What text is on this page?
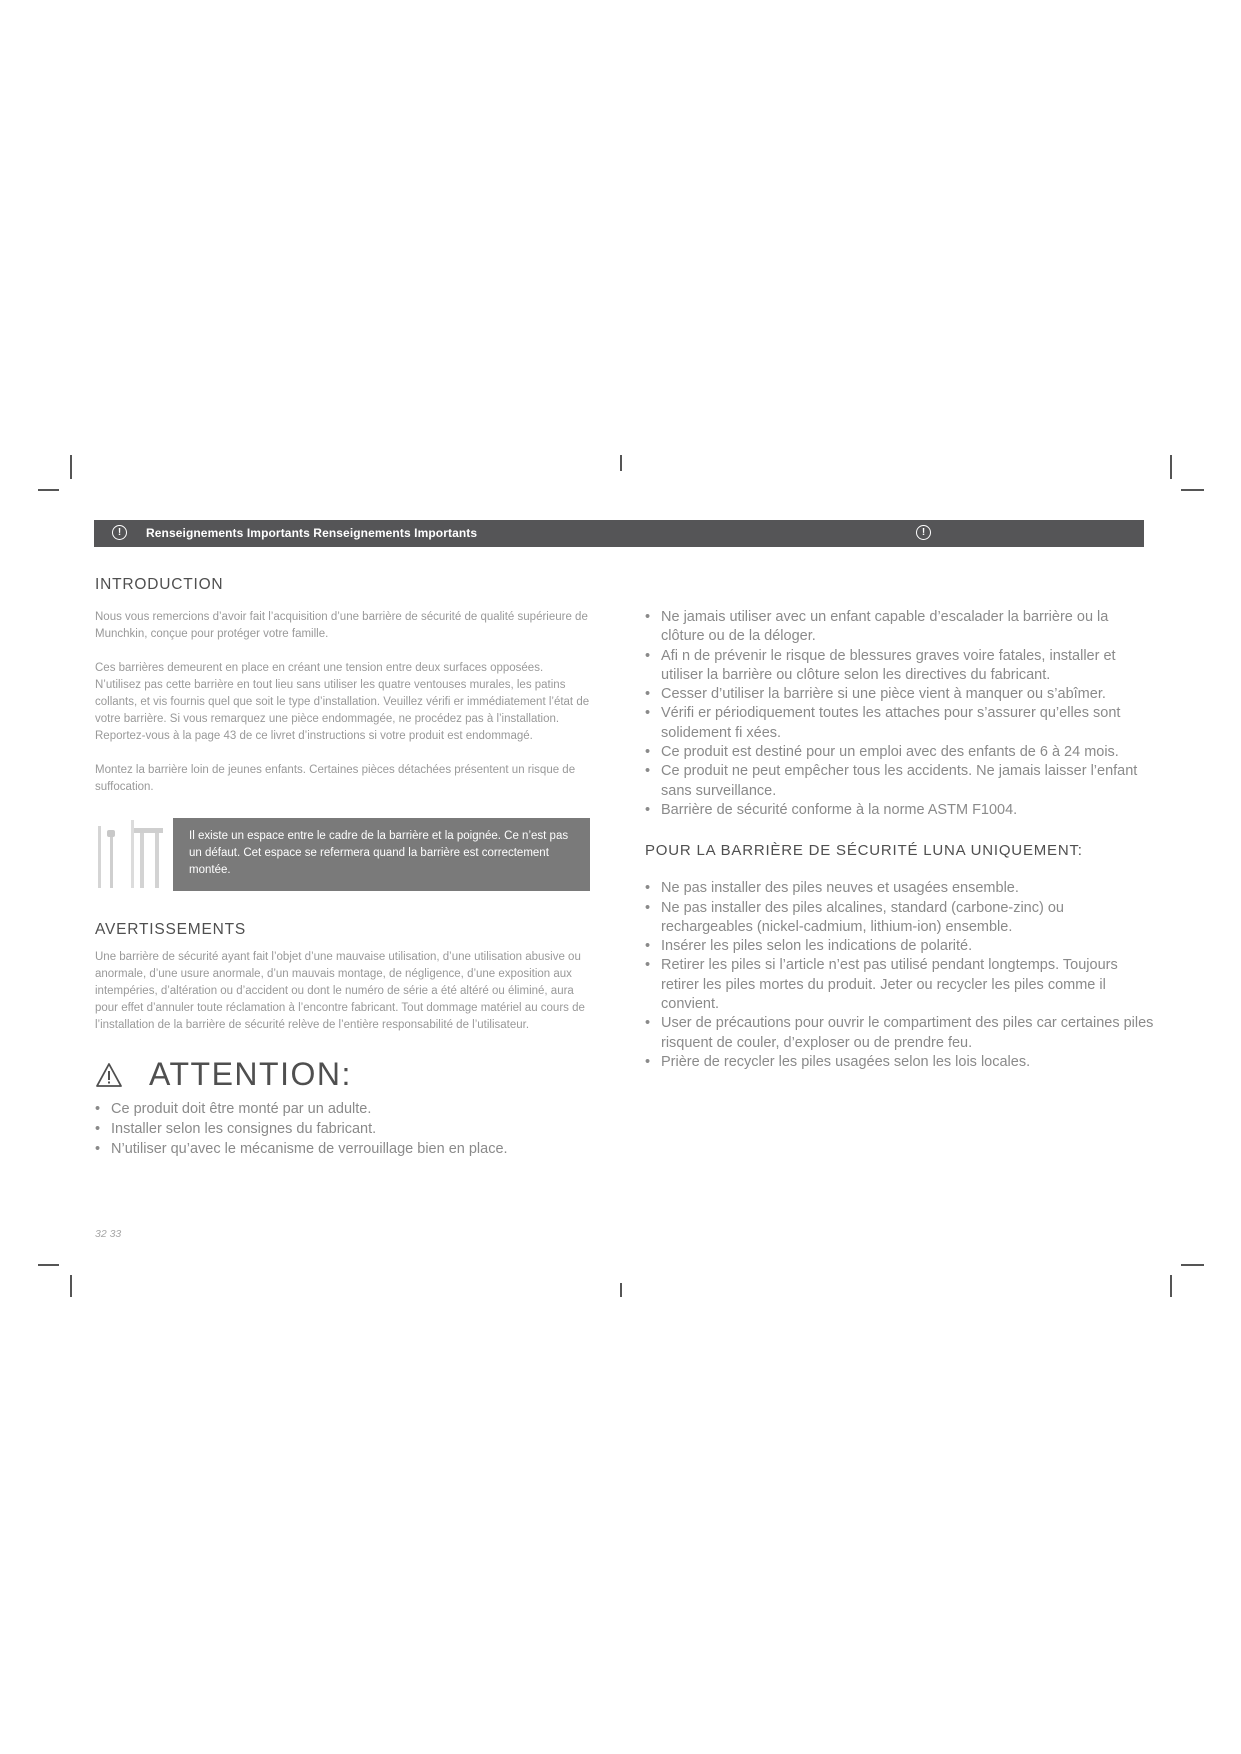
!	Renseignements Importants Renseignements Importants	!
INTRODUCTION

Nous vous remercions d’avoir fait l’acquisition d’une barrière de sécurité de qualité supérieure de Munchkin, conçue pour protéger votre famille.

Ces barrières demeurent en place en créant une tension entre deux surfaces opposées. N’utilisez pas cette barrière en tout lieu sans utiliser les quatre ventouses murales, les patins collants, et vis fournis quel que soit le type d’installation. Veuillez vérifi er immédiatement l’état de votre barrière. Si vous remarquez une pièce endommagée, ne procédez pas à l’installation. Reportez-vous à la page 43 de ce livret d’instructions si votre produit est endommagé.

Montez la barrière loin de jeunes enfants. Certaines pièces détachées présentent un risque de suffocation.

Il existe un espace entre le cadre de la barrière et la poignée. Ce n’est pas un défaut. Cet espace se refermera quand la barrière est correctement montée.
AVERTISSEMENTS

Une barrière de sécurité ayant fait l’objet d’une mauvaise utilisation, d’une utilisation abusive ou anormale, d’une usure anormale, d’un mauvais montage, de négligence, d’une exposition aux intempéries, d’altération ou d’accident ou dont le numéro de série a été altéré ou éliminé, aura pour effet d’annuler toute réclamation à l’encontre fabricant. Tout dommage matériel au cours de l’installation de la barrière de sécurité relève de l’entière responsabilité de l’utilisateur.

ATTENTION:
• Ce produit doit être monté par un adulte.
• Installer selon les consignes du fabricant.
• N’utiliser qu’avec le mécanisme de verrouillage bien en place.
• Ne jamais utiliser avec un enfant capable d’escalader la barrière ou la clôture ou de la déloger.
• Afi n de prévenir le risque de blessures graves voire fatales, installer et utiliser la barrière ou clôture selon les directives du fabricant.
• Cesser d’utiliser la barrière si une pièce vient à manquer ou s’abîmer.
• Vérifi er périodiquement toutes les attaches pour s’assurer qu’elles sont solidement fi xées.
• Ce produit est destiné pour un emploi avec des enfants de 6 à 24 mois.
• Ce produit ne peut empêcher tous les accidents. Ne jamais laisser l’enfant sans surveillance.
• Barrière de sécurité conforme à la norme ASTM F1004.
POUR LA BARRIÈRE DE SÉCURITÉ LUNA UNIQUEMENT:
• Ne pas installer des piles neuves et usagées ensemble.
• Ne pas installer des piles alcalines, standard (carbone-zinc) ou rechargeables (nickel-cadmium, lithium-ion) ensemble.
• Insérer les piles selon les indications de polarité.
• Retirer les piles si l’article n’est pas utilisé pendant longtemps. Toujours retirer les piles mortes du produit. Jeter ou recycler les piles comme il convient.
• User de précautions pour ouvrir le compartiment des piles car certaines piles risquent de couler, d’exploser ou de prendre feu.
• Prière de recycler les piles usagées selon les lois locales.
32 33
